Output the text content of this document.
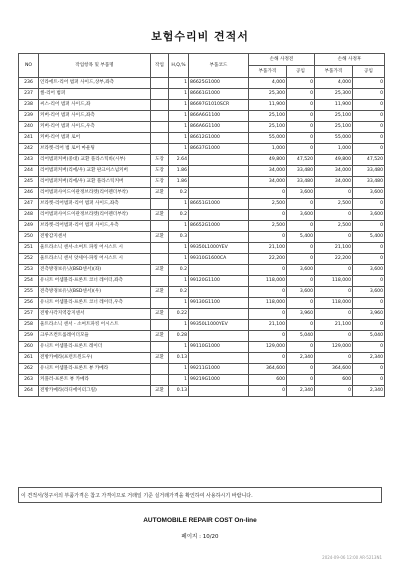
보험수리비 견적서
NO	작업항목 및 부품명	작업	H,Q,%	부품코드	손해 사정전		손해 사정후	
					부품가격	공임	부품가격	공임
236	인라에트-리어 범퍼 사이드,상부,좌측		1	86625G1000	4,000	0	4,000	0
237	씰-리어 범퍼		1	86661G1000	25,300	0	25,300	0
238	씨스-리어 범퍼 사이드,좌		1	86697G1010SCR	11,900	0	11,900	0
239	커버-리어 범퍼 사이드,좌측		1	866A6G1100	25,100	0	25,100	0
240	커버-리어 범퍼 사이드,우측		1	866A6G1100	25,100	0	25,100	0
241	커버-리어 범퍼 로어		1	86612G1000	55,000	0	55,000	0
242	브라켓-리어 범 로어 마운팅		1	86637G1000	1,000	0	1,000	0
243	리어범퍼커버(중대) 교환 플라스틱바(시부)	도장	2.64		49,800	47,520	49,800	47,520
244	리어범퍼커버(리에/우) 교환 판크이스넘커버	도장	1.86		34,000	33,480	34,000	33,480
245	리어범퍼커버(리에/우) 교환 플라스틱커버	도장	1.86		34,000	33,480	34,000	33,480
246	리어범퍼사이드이관정브라켓(리어펜더부착)	교환	0.2		0	3,600	0	3,600
247	브라켓-리어범퍼-리어 범퍼 사이드,좌측		1	86651G1000	2,500	0	2,500	0
248	리어범퍼사이드이관정브라켓(리어펜더부착)	교환	0.2		0	3,600	0	3,600
249	브라켓-리어범퍼-리어 범퍼 사이드,우측		1	86652G1000	2,500	0	2,500	0
250	전방감지센서	교환	0.3		0	5,400	0	5,400
251	울트라소닉 센서-소여트 파킹 어시스트 시		1	99350L1000YEV	21,100	0	21,100	0
252	울트라소닉 센서 앗세이-파킹 어시스트 시		1	99310G1600CA	22,200	0	22,200	0
253	전측방경보유닛(BSD센서)(좌)	교환	0.2		0	3,600	0	3,600
254	유니트 어셈블리-프론트 코너 레이더,좌측		1	99120G1100	118,000	0	118,000	0
255	전측방경보유닛(BSD센서)(우)	교환	0.2		0	3,600	0	3,600
256	유니트 어셈블리-프론트 코너 레이더,우측		1	99130G1100	118,000	0	118,000	0
257	전방사각지역감지센서	교환	0.22		0	3,960	0	3,960
258	울트라소닉 센서 - 소여트파킹 어시스트		1	99350L1000YEV	21,100	0	21,100	0
259	크루즈컨트롤레이더모듈	교환	0.28		0	5,040	0	5,040
260	유니트 어셈블리-프론트 레이더		1	99110G1000	129,000	0	129,000	0
261	전방카메라(프런트윈도우)	교환	0.13		0	2,340	0	2,340
262	유니트 어셈블리-프론트 뷰 카메라		1	99211G1000	364,600	0	364,600	0
263	커플러-프론트 뷰 카메라		1	99219G1000	600	0	600	0
264	전방카메라(라디에이터그릴)	교환	0.13		0	2,340	0	2,340
이 견적서/청구서의 부품가격은 참고 가격이므로 거래일 기준 실거래가격을 확인하여 사용하시기 바랍니다.
AUTOMOBILE REPAIR COST On-line
페이지 : 10/20
2024-09-06 12:00 AR-5213N1
